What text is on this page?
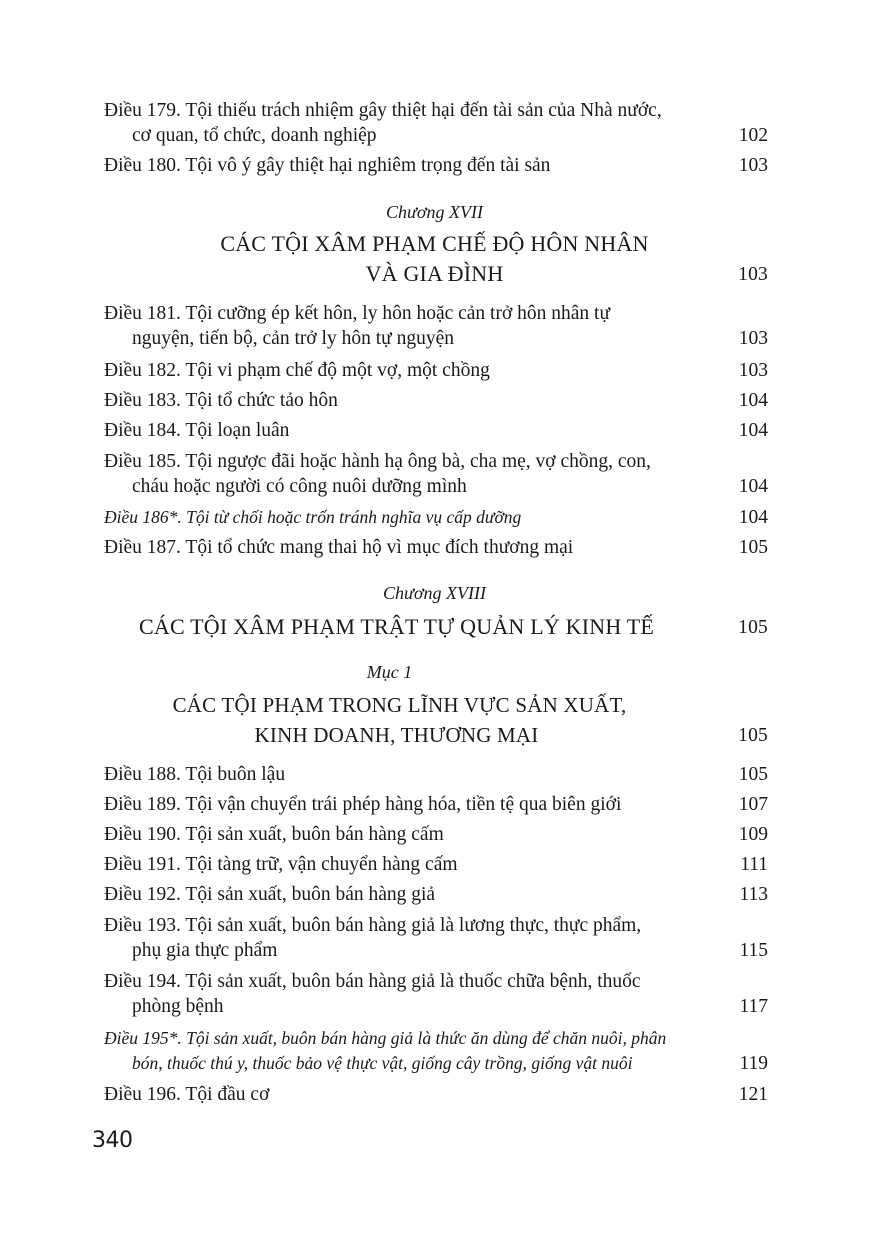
Điều 179. Tội thiếu trách nhiệm gây thiệt hại đến tài sản của Nhà nước,
cơ quan, tổ chức, doanh nghiệp	102
Điều 180. Tội vô ý gây thiệt hại nghiêm trọng đến tài sản	103
Chương XVII
CÁC TỘI XÂM PHẠM CHẾ ĐỘ HÔN NHÂN
VÀ GIA ĐÌNH	103
Điều 181. Tội cưỡng ép kết hôn, ly hôn hoặc cản trở hôn nhân tự
nguyện, tiến bộ, cản trở ly hôn tự nguyện	103
Điều 182. Tội vi phạm chế độ một vợ, một chồng	103
Điều 183. Tội tổ chức tảo hôn	104
Điều 184. Tội loạn luân	104
Điều 185. Tội ngược đãi hoặc hành hạ ông bà, cha mẹ, vợ chồng, con,
cháu hoặc người có công nuôi dưỡng mình	104
Điều 186*. Tội từ chối hoặc trốn tránh nghĩa vụ cấp dưỡng	104
Điều 187. Tội tổ chức mang thai hộ vì mục đích thương mại	105
Chương XVIII
CÁC TỘI XÂM PHẠM TRẬT TỰ QUẢN LÝ KINH TẾ	105
Mục 1
CÁC TỘI PHẠM TRONG LĨNH VỰC SẢN XUẤT,
KINH DOANH, THƯƠNG MẠI	105
Điều 188. Tội buôn lậu	105
Điều 189. Tội vận chuyển trái phép hàng hóa, tiền tệ qua biên giới	107
Điều 190. Tội sản xuất, buôn bán hàng cấm	109
Điều 191. Tội tàng trữ, vận chuyển hàng cấm	111
Điều 192. Tội sản xuất, buôn bán hàng giả	113
Điều 193. Tội sản xuất, buôn bán hàng giả là lương thực, thực phẩm,
phụ gia thực phẩm	115
Điều 194. Tội sản xuất, buôn bán hàng giả là thuốc chữa bệnh, thuốc
phòng bệnh	117
Điều 195*. Tội sản xuất, buôn bán hàng giả là thức ăn dùng để chăn nuôi, phân
bón, thuốc thú y, thuốc bảo vệ thực vật, giống cây trồng, giống vật nuôi	119
Điều 196. Tội đầu cơ	121
340
